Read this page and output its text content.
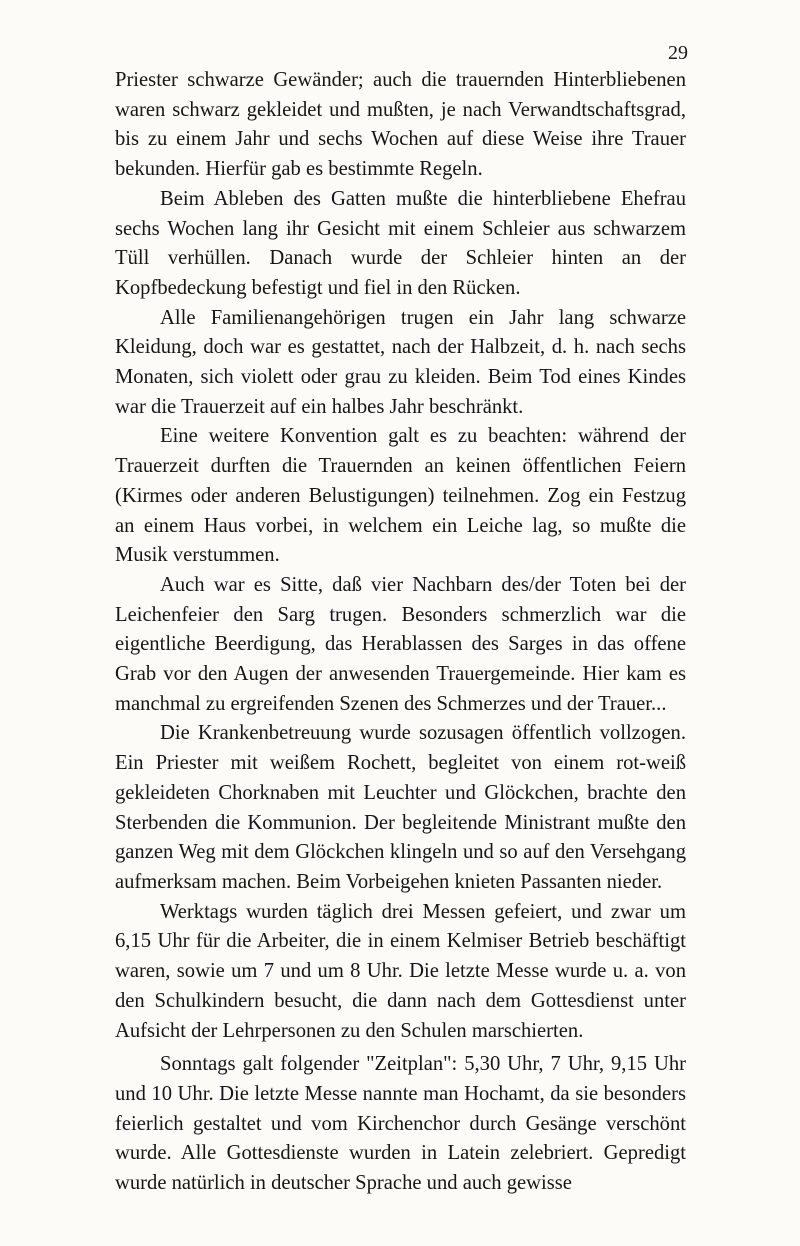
29

Priester schwarze Gewänder; auch die trauernden Hinterbliebenen waren schwarz gekleidet und mußten, je nach Verwandtschaftsgrad, bis zu einem Jahr und sechs Wochen auf diese Weise ihre Trauer bekunden. Hierfür gab es bestimmte Regeln.

Beim Ableben des Gatten mußte die hinterbliebene Ehefrau sechs Wochen lang ihr Gesicht mit einem Schleier aus schwarzem Tüll verhüllen. Danach wurde der Schleier hinten an der Kopfbedeckung befestigt und fiel in den Rücken.

Alle Familienangehörigen trugen ein Jahr lang schwarze Kleidung, doch war es gestattet, nach der Halbzeit, d. h. nach sechs Monaten, sich violett oder grau zu kleiden. Beim Tod eines Kindes war die Trauerzeit auf ein halbes Jahr beschränkt.

Eine weitere Konvention galt es zu beachten: während der Trauerzeit durften die Trauernden an keinen öffentlichen Feiern (Kirmes oder anderen Belustigungen) teilnehmen. Zog ein Festzug an einem Haus vorbei, in welchem ein Leiche lag, so mußte die Musik verstummen.

Auch war es Sitte, daß vier Nachbarn des/der Toten bei der Leichenfeier den Sarg trugen. Besonders schmerzlich war die eigentliche Beerdigung, das Herablassen des Sarges in das offene Grab vor den Augen der anwesenden Trauergemeinde. Hier kam es manchmal zu ergreifenden Szenen des Schmerzes und der Trauer...

Die Krankenbetreuung wurde sozusagen öffentlich vollzogen. Ein Priester mit weißem Rochett, begleitet von einem rot-weiß gekleideten Chorknaben mit Leuchter und Glöckchen, brachte den Sterbenden die Kommunion. Der begleitende Ministrant mußte den ganzen Weg mit dem Glöckchen klingeln und so auf den Versehgang aufmerksam machen. Beim Vorbeigehen knieten Passanten nieder.

Werktags wurden täglich drei Messen gefeiert, und zwar um 6,15 Uhr für die Arbeiter, die in einem Kelmiser Betrieb beschäftigt waren, sowie um 7 und um 8 Uhr. Die letzte Messe wurde u. a. von den Schulkindern besucht, die dann nach dem Gottesdienst unter Aufsicht der Lehrpersonen zu den Schulen marschierten.

Sonntags galt folgender "Zeitplan": 5,30 Uhr, 7 Uhr, 9,15 Uhr und 10 Uhr. Die letzte Messe nannte man Hochamt, da sie besonders feierlich gestaltet und vom Kirchenchor durch Gesänge verschönt wurde. Alle Gottesdienste wurden in Latein zelebriert. Gepredigt wurde natürlich in deutscher Sprache und auch gewisse
